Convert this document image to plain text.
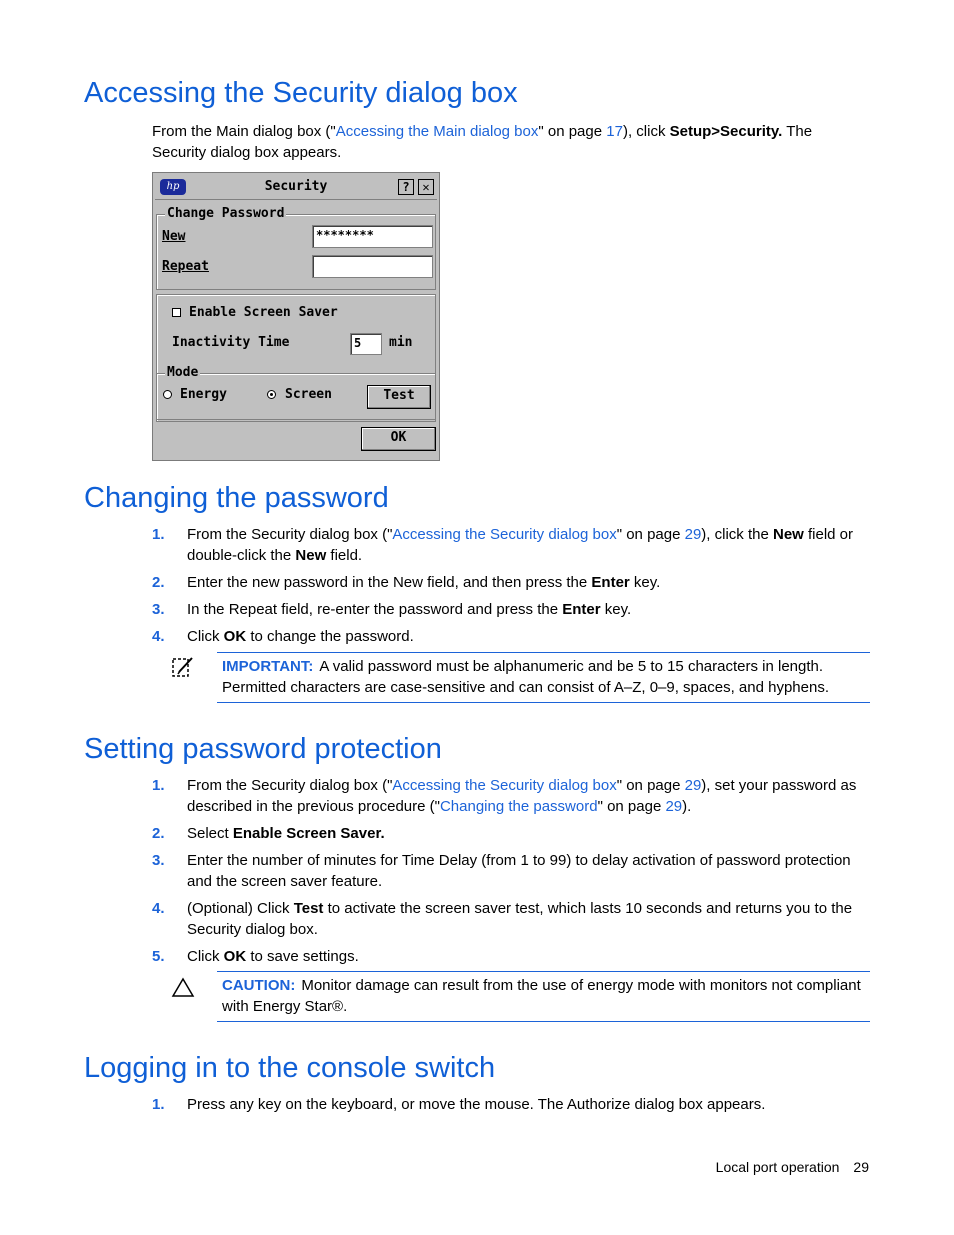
Accessing the Security dialog box
From the Main dialog box ("Accessing the Main dialog box" on page 17), click Setup>Security. The Security dialog box appears.
hp	Security	?	✕
Change Password
New	********
Repeat
Enable Screen Saver
Inactivity Time	5	min
Mode
Energy	Screen	Test
OK
Changing the password
1. From the Security dialog box ("Accessing the Security dialog box" on page 29), click the New field or double-click the New field.
2. Enter the new password in the New field, and then press the Enter key.
3. In the Repeat field, re-enter the password and press the Enter key.
4. Click OK to change the password.
IMPORTANT: A valid password must be alphanumeric and be 5 to 15 characters in length. Permitted characters are case-sensitive and can consist of A–Z, 0–9, spaces, and hyphens.
Setting password protection
1. From the Security dialog box ("Accessing the Security dialog box" on page 29), set your password as described in the previous procedure ("Changing the password" on page 29).
2. Select Enable Screen Saver.
3. Enter the number of minutes for Time Delay (from 1 to 99) to delay activation of password protection and the screen saver feature.
4. (Optional) Click Test to activate the screen saver test, which lasts 10 seconds and returns you to the Security dialog box.
5. Click OK to save settings.
CAUTION: Monitor damage can result from the use of energy mode with monitors not compliant with Energy Star®.
Logging in to the console switch
1. Press any key on the keyboard, or move the mouse. The Authorize dialog box appears.
Local port operation 29
